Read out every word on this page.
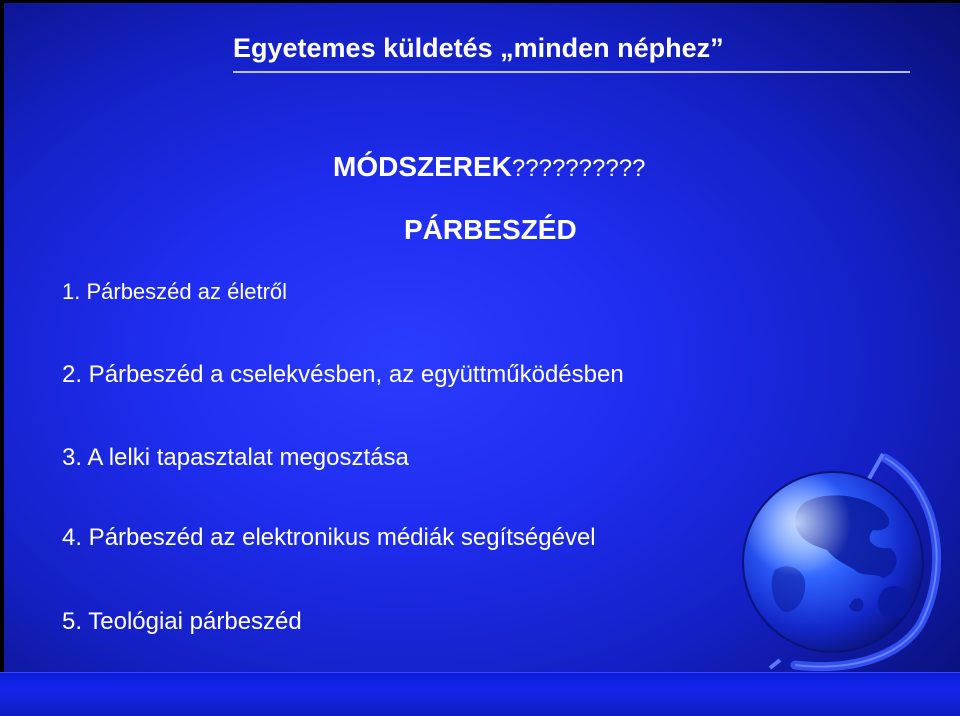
Egyetemes küldetés „minden néphez”
MÓDSZEREK??????????
PÁRBESZÉD
1. Párbeszéd az életről
2. Párbeszéd a cselekvésben, az együttműködésben
3. A lelki tapasztalat megosztása
4. Párbeszéd az elektronikus médiák segítségével
5. Teológiai párbeszéd
